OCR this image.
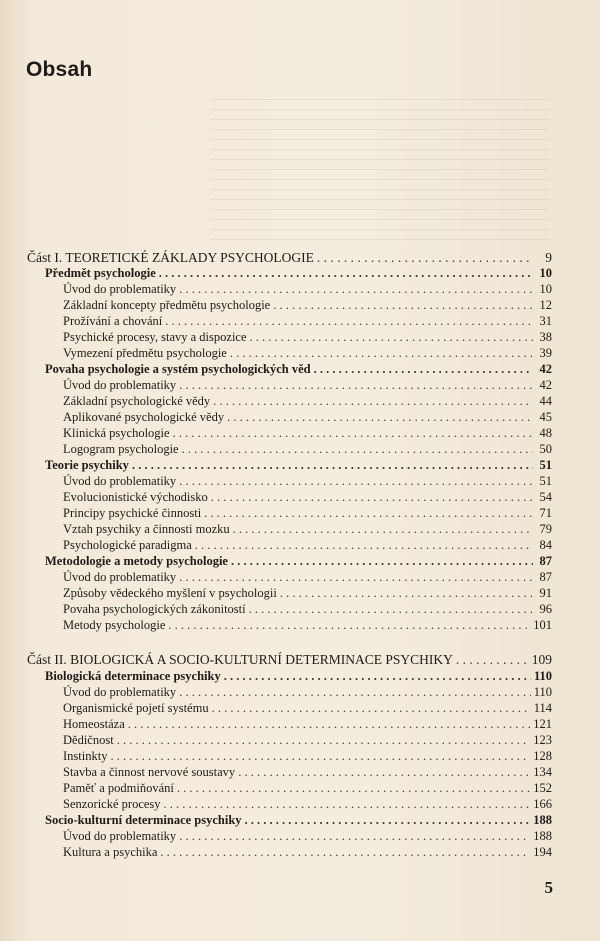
Obsah
Část I. TEORETICKÉ ZÁKLADY PSYCHOLOGIE . . .	9
Předmět psychologie . . .	10
Úvod do problematiky . . .	10
Základní koncepty předmětu psychologie . . .	12
Prožívání a chování . . .	31
Psychické procesy, stavy a dispozice . . .	38
Vymezení předmětu psychologie . . .	39
Povaha psychologie a systém psychologických věd . . .	42
Úvod do problematiky . . .	42
Základní psychologické vědy . . .	44
Aplikované psychologické vědy . . .	45
Klinická psychologie . . .	48
Logogram psychologie . . .	50
Teorie psychiky . . .	51
Úvod do problematiky . . .	51
Evolucionistické východisko . . .	54
Principy psychické činnosti . . .	71
Vztah psychiky a činnosti mozku . . .	79
Psychologické paradigma . . .	84
Metodologie a metody psychologie . . .	87
Úvod do problematiky . . .	87
Způsoby vědeckého myšlení v psychologii . . .	91
Povaha psychologických zákonitostí . . .	96
Metody psychologie . . .	101
Část II. BIOLOGICKÁ A SOCIO-KULTURNÍ DETERMINACE PSYCHIKY . . .	109
Biologická determinace psychiky . . .	110
Úvod do problematiky . . .	110
Organismické pojetí systému . . .	114
Homeostáza . . .	121
Dědičnost . . .	123
Instinkty . . .	128
Stavba a činnost nervové soustavy . . .	134
Paměť a podmiňování . . .	152
Senzorické procesy . . .	166
Socio-kulturní determinace psychiky . . .	188
Úvod do problematiky . . .	188
Kultura a psychika . . .	194
5
